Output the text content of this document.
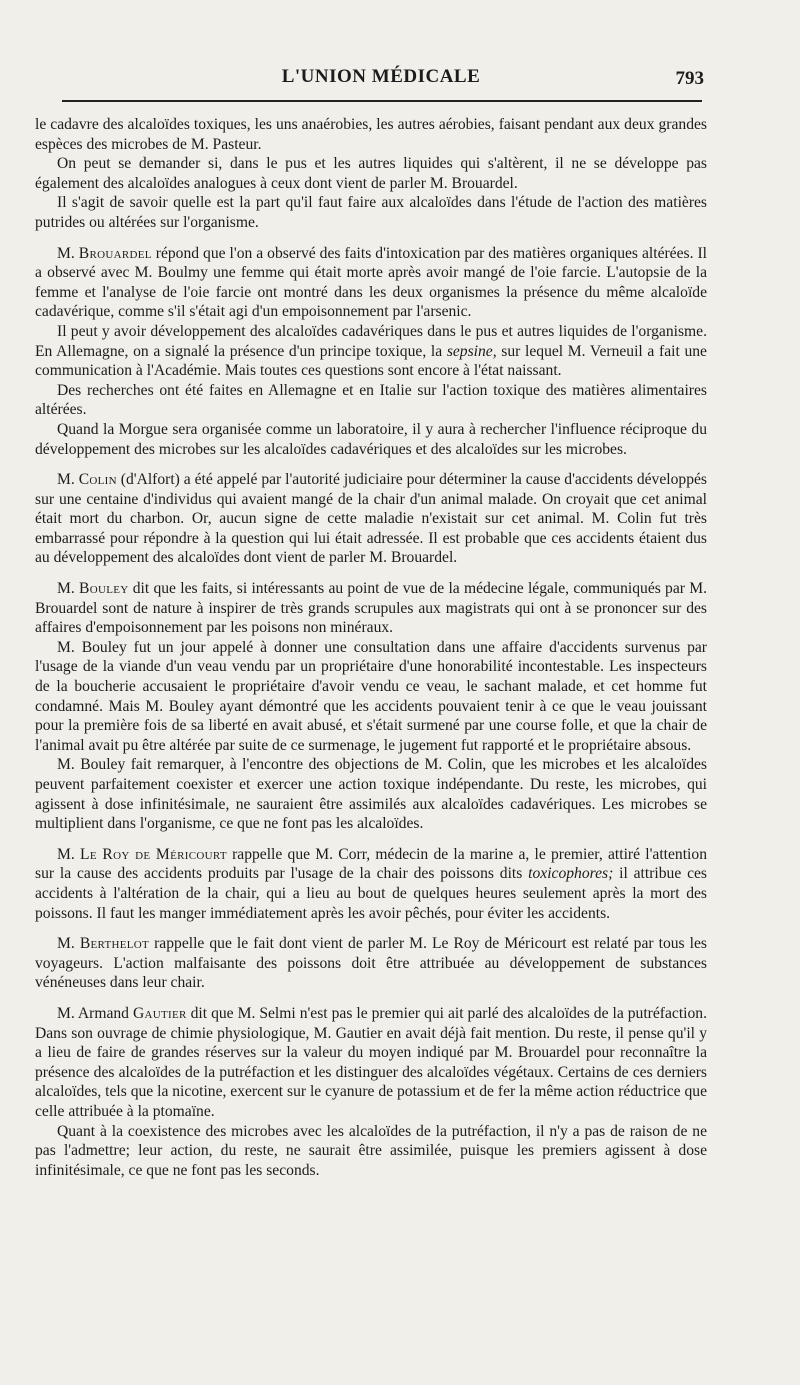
L'UNION MÉDICALE	793

le cadavre des alcaloïdes toxiques, les uns anaérobies, les autres aérobies, faisant pendant aux deux grandes espèces des microbes de M. Pasteur.

On peut se demander si, dans le pus et les autres liquides qui s'altèrent, il ne se développe pas également des alcaloïdes analogues à ceux dont vient de parler M. Brouardel.

Il s'agit de savoir quelle est la part qu'il faut faire aux alcaloïdes dans l'étude de l'action des matières putrides ou altérées sur l'organisme.

M. Brouardel répond que l'on a observé des faits d'intoxication par des matières organiques altérées. Il a observé avec M. Boulmy une femme qui était morte après avoir mangé de l'oie farcie. L'autopsie de la femme et l'analyse de l'oie farcie ont montré dans les deux organismes la présence du même alcaloïde cadavérique, comme s'il s'était agi d'un empoisonnement par l'arsenic.

Il peut y avoir développement des alcaloïdes cadavériques dans le pus et autres liquides de l'organisme. En Allemagne, on a signalé la présence d'un principe toxique, la sepsine, sur lequel M. Verneuil a fait une communication à l'Académie. Mais toutes ces questions sont encore à l'état naissant.

Des recherches ont été faites en Allemagne et en Italie sur l'action toxique des matières alimentaires altérées.

Quand la Morgue sera organisée comme un laboratoire, il y aura à rechercher l'influence réciproque du développement des microbes sur les alcaloïdes cadavériques et des alcaloïdes sur les microbes.

M. Colin (d'Alfort) a été appelé par l'autorité judiciaire pour déterminer la cause d'accidents développés sur une centaine d'individus qui avaient mangé de la chair d'un animal malade. On croyait que cet animal était mort du charbon. Or, aucun signe de cette maladie n'existait sur cet animal. M. Colin fut très embarrassé pour répondre à la question qui lui était adressée. Il est probable que ces accidents étaient dus au développement des alcaloïdes dont vient de parler M. Brouardel.

M. Bouley dit que les faits, si intéressants au point de vue de la médecine légale, communiqués par M. Brouardel sont de nature à inspirer de très grands scrupules aux magistrats qui ont à se prononcer sur des affaires d'empoisonnement par les poisons non minéraux.

M. Bouley fut un jour appelé à donner une consultation dans une affaire d'accidents survenus par l'usage de la viande d'un veau vendu par un propriétaire d'une honorabilité incontestable. Les inspecteurs de la boucherie accusaient le propriétaire d'avoir vendu ce veau, le sachant malade, et cet homme fut condamné. Mais M. Bouley ayant démontré que les accidents pouvaient tenir à ce que le veau jouissant pour la première fois de sa liberté en avait abusé, et s'était surmené par une course folle, et que la chair de l'animal avait pu être altérée par suite de ce surmenage, le jugement fut rapporté et le propriétaire absous.

M. Bouley fait remarquer, à l'encontre des objections de M. Colin, que les microbes et les alcaloïdes peuvent parfaitement coexister et exercer une action toxique indépendante. Du reste, les microbes, qui agissent à dose infinitésimale, ne sauraient être assimilés aux alcaloïdes cadavériques. Les microbes se multiplient dans l'organisme, ce que ne font pas les alcaloïdes.

M. Le Roy de Méricourt rappelle que M. Corr, médecin de la marine a, le premier, attiré l'attention sur la cause des accidents produits par l'usage de la chair des poissons dits toxicophores; il attribue ces accidents à l'altération de la chair, qui a lieu au bout de quelques heures seulement après la mort des poissons. Il faut les manger immédiatement après les avoir pêchés, pour éviter les accidents.

M. Berthelot rappelle que le fait dont vient de parler M. Le Roy de Méricourt est relaté par tous les voyageurs. L'action malfaisante des poissons doit être attribuée au développement de substances vénéneuses dans leur chair.

M. Armand Gautier dit que M. Selmi n'est pas le premier qui ait parlé des alcaloïdes de la putréfaction. Dans son ouvrage de chimie physiologique, M. Gautier en avait déjà fait mention. Du reste, il pense qu'il y a lieu de faire de grandes réserves sur la valeur du moyen indiqué par M. Brouardel pour reconnaître la présence des alcaloïdes de la putréfaction et les distinguer des alcaloïdes végétaux. Certains de ces derniers alcaloïdes, tels que la nicotine, exercent sur le cyanure de potassium et de fer la même action réductrice que celle attribuée à la ptomaïne.

Quant à la coexistence des microbes avec les alcaloïdes de la putréfaction, il n'y a pas de raison de ne pas l'admettre; leur action, du reste, ne saurait être assimilée, puisque les premiers agissent à dose infinitésimale, ce que ne font pas les seconds.
